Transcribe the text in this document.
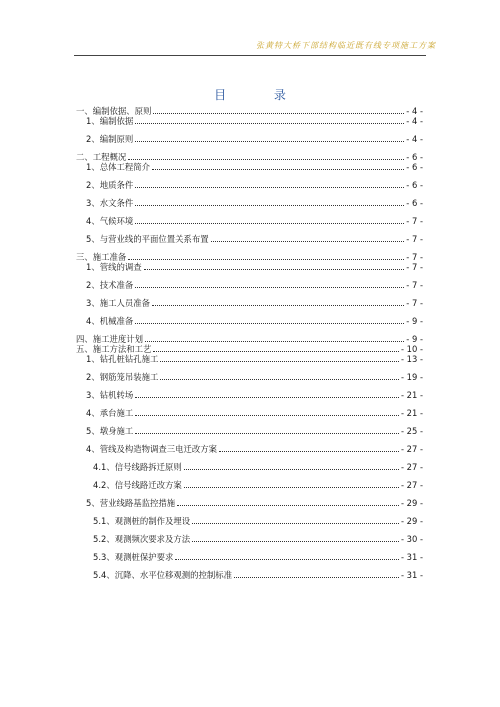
张黄特大桥下部结构临近既有线专项施工方案
目 录
一、编制依据、原则	- 4 -
1、编制依据	- 4 -
2、编制原则	- 4 -
二、工程概况	- 6 -
1、总体工程简介	- 6 -
2、地质条件	- 6 -
3、水文条件	- 6 -
4、气候环境	- 7 -
5、与营业线的平面位置关系布置	- 7 -
三、施工准备	- 7 -
1、管线的调查	- 7 -
2、技术准备	- 7 -
3、施工人员准备	- 7 -
4、机械准备	- 9 -
四、施工进度计划	- 9 -
五、施工方法和工艺	- 10 -
1、钻孔桩钻孔施工	- 13 -
2、钢筋笼吊装施工	- 19 -
3、钻机转场	- 21 -
4、承台施工	- 21 -
5、墩身施工	- 25 -
4、管线及构造物调查三电迁改方案	- 27 -
4.1、信号线路拆迁原则	- 27 -
4.2、信号线路迁改方案	- 27 -
5、营业线路基监控措施	- 29 -
5.1、观测桩的制作及埋设	- 29 -
5.2、观测频次要求及方法	- 30 -
5.3、观测桩保护要求	- 31 -
5.4、沉降、水平位移观测的控制标准	- 31 -
